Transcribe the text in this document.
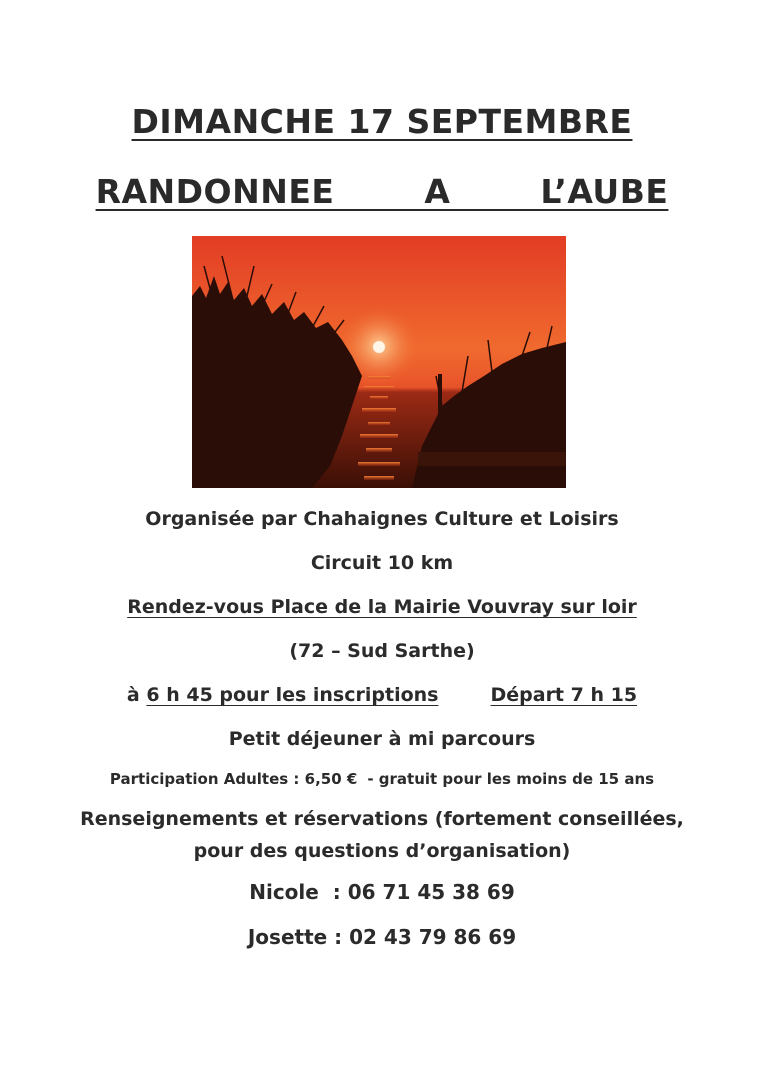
DIMANCHE 17 SEPTEMBRE
RANDONNEE   A   L’AUBE
Organisée par Chahaignes Culture et Loisirs
Circuit 10 km
Rendez-vous Place de la Mairie Vouvray sur loir
(72 – Sud Sarthe)
à 6 h 45 pour les inscriptions	Départ 7 h 15
Petit déjeuner à mi parcours
Participation Adultes : 6,50 € - gratuit pour les moins de 15 ans
Renseignements et réservations (fortement conseillées,
pour des questions d’organisation)
Nicole  : 06 71 45 38 69
Josette : 02 43 79 86 69
